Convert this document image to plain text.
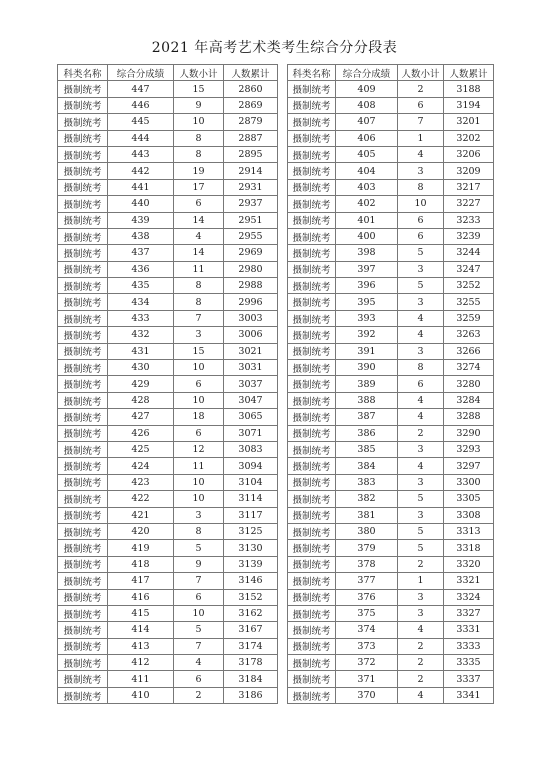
2021 年高考艺术类考生综合分分段表
科类名称	综合分成绩	人数小计	人数累计
摄制统考	447	15	2860
摄制统考	446	9	2869
摄制统考	445	10	2879
摄制统考	444	8	2887
摄制统考	443	8	2895
摄制统考	442	19	2914
摄制统考	441	17	2931
摄制统考	440	6	2937
摄制统考	439	14	2951
摄制统考	438	4	2955
摄制统考	437	14	2969
摄制统考	436	11	2980
摄制统考	435	8	2988
摄制统考	434	8	2996
摄制统考	433	7	3003
摄制统考	432	3	3006
摄制统考	431	15	3021
摄制统考	430	10	3031
摄制统考	429	6	3037
摄制统考	428	10	3047
摄制统考	427	18	3065
摄制统考	426	6	3071
摄制统考	425	12	3083
摄制统考	424	11	3094
摄制统考	423	10	3104
摄制统考	422	10	3114
摄制统考	421	3	3117
摄制统考	420	8	3125
摄制统考	419	5	3130
摄制统考	418	9	3139
摄制统考	417	7	3146
摄制统考	416	6	3152
摄制统考	415	10	3162
摄制统考	414	5	3167
摄制统考	413	7	3174
摄制统考	412	4	3178
摄制统考	411	6	3184
摄制统考	410	2	3186
科类名称	综合分成绩	人数小计	人数累计
摄制统考	409	2	3188
摄制统考	408	6	3194
摄制统考	407	7	3201
摄制统考	406	1	3202
摄制统考	405	4	3206
摄制统考	404	3	3209
摄制统考	403	8	3217
摄制统考	402	10	3227
摄制统考	401	6	3233
摄制统考	400	6	3239
摄制统考	398	5	3244
摄制统考	397	3	3247
摄制统考	396	5	3252
摄制统考	395	3	3255
摄制统考	393	4	3259
摄制统考	392	4	3263
摄制统考	391	3	3266
摄制统考	390	8	3274
摄制统考	389	6	3280
摄制统考	388	4	3284
摄制统考	387	4	3288
摄制统考	386	2	3290
摄制统考	385	3	3293
摄制统考	384	4	3297
摄制统考	383	3	3300
摄制统考	382	5	3305
摄制统考	381	3	3308
摄制统考	380	5	3313
摄制统考	379	5	3318
摄制统考	378	2	3320
摄制统考	377	1	3321
摄制统考	376	3	3324
摄制统考	375	3	3327
摄制统考	374	4	3331
摄制统考	373	2	3333
摄制统考	372	2	3335
摄制统考	371	2	3337
摄制统考	370	4	3341
